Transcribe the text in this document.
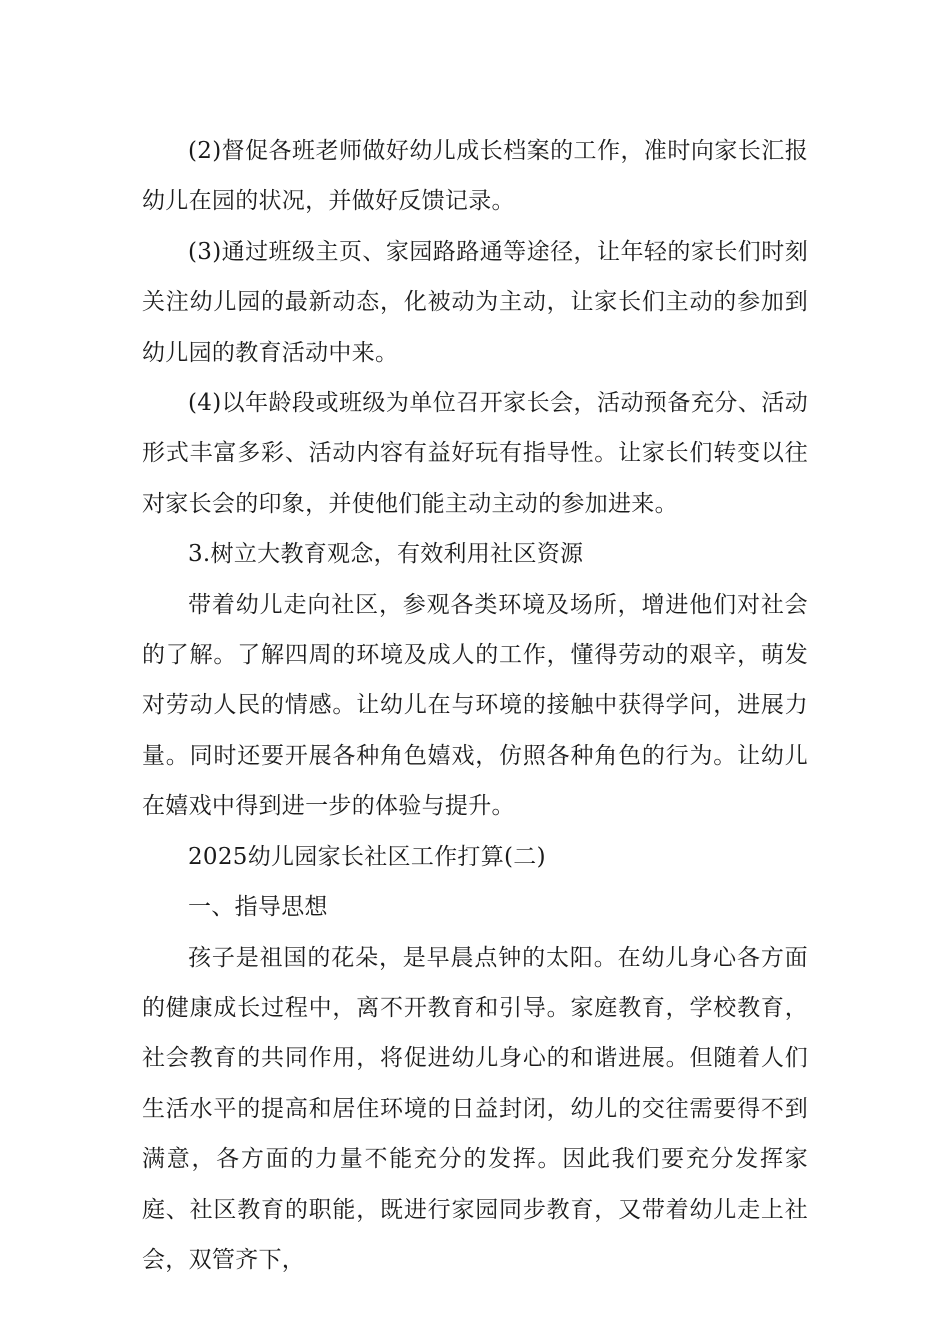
(2)督促各班老师做好幼儿成长档案的工作，准时向家长汇报幼儿在园的状况，并做好反馈记录。

(3)通过班级主页、家园路路通等途径，让年轻的家长们时刻关注幼儿园的最新动态，化被动为主动，让家长们主动的参加到幼儿园的教育活动中来。

(4)以年龄段或班级为单位召开家长会，活动预备充分、活动形式丰富多彩、活动内容有益好玩有指导性。让家长们转变以往对家长会的印象，并使他们能主动主动的参加进来。

3.树立大教育观念，有效利用社区资源

带着幼儿走向社区，参观各类环境及场所，增进他们对社会的了解。了解四周的环境及成人的工作，懂得劳动的艰辛，萌发对劳动人民的情感。让幼儿在与环境的接触中获得学问，进展力量。同时还要开展各种角色嬉戏，仿照各种角色的行为。让幼儿在嬉戏中得到进一步的体验与提升。

2025幼儿园家长社区工作打算(二)

一、指导思想

孩子是祖国的花朵，是早晨点钟的太阳。在幼儿身心各方面的健康成长过程中，离不开教育和引导。家庭教育，学校教育，社会教育的共同作用，将促进幼儿身心的和谐进展。但随着人们生活水平的提高和居住环境的日益封闭，幼儿的交往需要得不到满意，各方面的力量不能充分的发挥。因此我们要充分发挥家庭、社区教育的职能，既进行家园同步教育，又带着幼儿走上社会，双管齐下，
